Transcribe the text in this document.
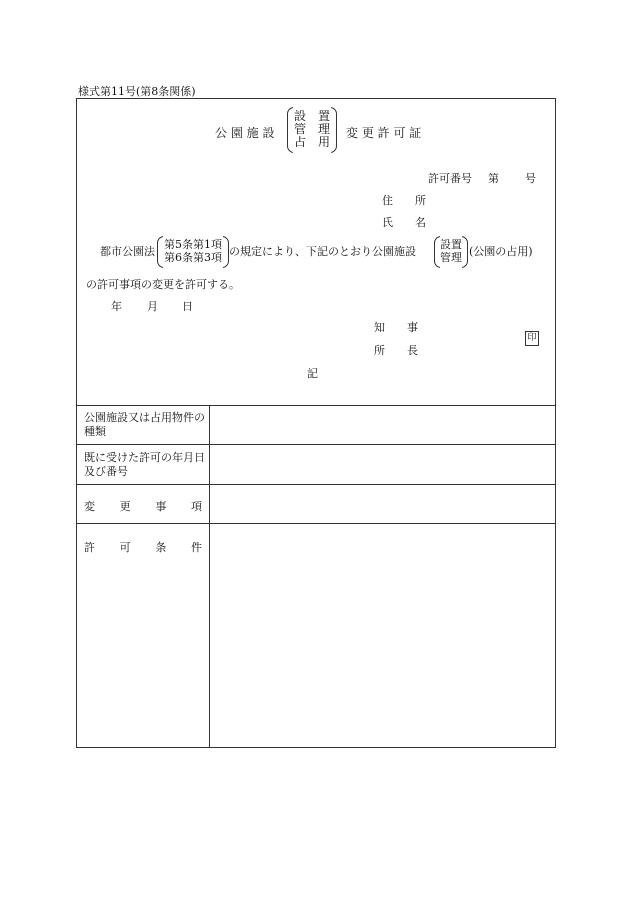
様式第11号(第8条関係)
公 園 施 設
設　置
管　理
占　用
変 更 許 可 証
許可番号 第 号
住　　所
氏　　名
都市公園法
第5条第1項
第6条第3項 の規定により、下記のとおり公園施設
設置
管理 (公園の占用)
の許可事項の変更を許可する。
年 月 日
知　　事
所　　長
印
記
公園施設又は占用物件の種類
既に受けた許可の年月日及び番号
変 更 事 項
許 可 条 件
